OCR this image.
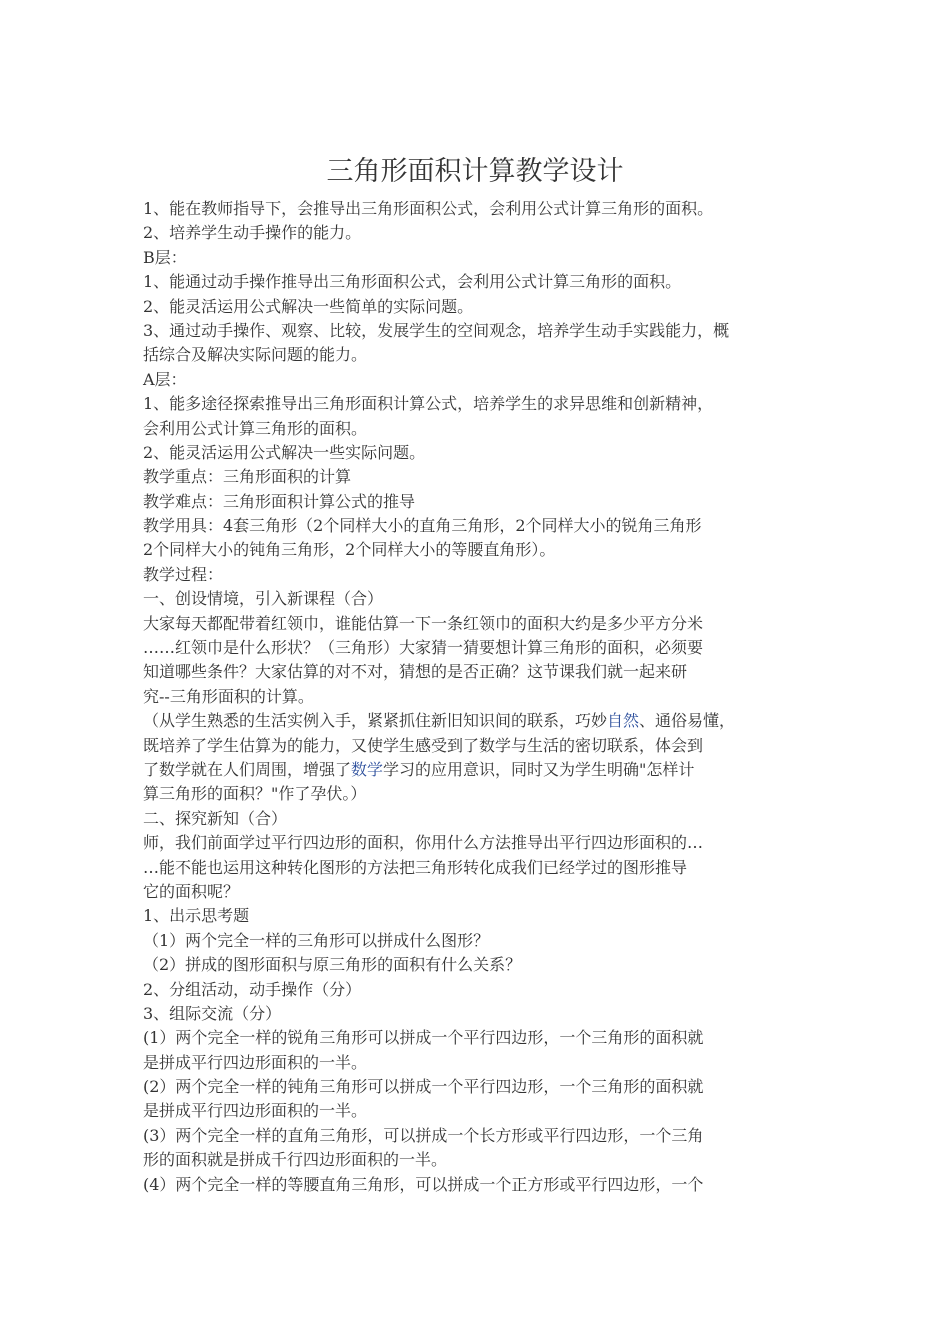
三角形面积计算教学设计
1、能在教师指导下，会推导出三角形面积公式，会利用公式计算三角形的面积。
2、培养学生动手操作的能力。
B层：
1、能通过动手操作推导出三角形面积公式，会利用公式计算三角形的面积。
2、能灵活运用公式解决一些简单的实际问题。
3、通过动手操作、观察、比较，发展学生的空间观念，培养学生动手实践能力，概
括综合及解决实际问题的能力。
A层：
1、能多途径探索推导出三角形面积计算公式，培养学生的求异思维和创新精神，
会利用公式计算三角形的面积。
2、能灵活运用公式解决一些实际问题。
教学重点：三角形面积的计算
教学难点：三角形面积计算公式的推导
教学用具：4套三角形（2个同样大小的直角三角形，2个同样大小的锐角三角形
2个同样大小的钝角三角形，2个同样大小的等腰直角形）。
教学过程：
一、创设情境，引入新课程（合）
大家每天都配带着红领巾，谁能估算一下一条红领巾的面积大约是多少平方分米
……红领巾是什么形状？（三角形）大家猜一猜要想计算三角形的面积，必须要
知道哪些条件？大家估算的对不对，猜想的是否正确？这节课我们就一起来研
究--三角形面积的计算。
（从学生熟悉的生活实例入手，紧紧抓住新旧知识间的联系，巧妙自然、通俗易懂，
既培养了学生估算为的能力，又使学生感受到了数学与生活的密切联系，体会到
了数学就在人们周围，增强了数学学习的应用意识，同时又为学生明确"怎样计
算三角形的面积？"作了孕伏。）
二、探究新知（合）
师，我们前面学过平行四边形的面积，你用什么方法推导出平行四边形面积的…
…能不能也运用这种转化图形的方法把三角形转化成我们已经学过的图形推导
它的面积呢？
1、出示思考题
（1）两个完全一样的三角形可以拼成什么图形？
（2）拼成的图形面积与原三角形的面积有什么关系？
2、分组活动，动手操作（分）
3、组际交流（分）
(1）两个完全一样的锐角三角形可以拼成一个平行四边形，一个三角形的面积就
是拼成平行四边形面积的一半。
(2）两个完全一样的钝角三角形可以拼成一个平行四边形，一个三角形的面积就
是拼成平行四边形面积的一半。
(3）两个完全一样的直角三角形，可以拼成一个长方形或平行四边形，一个三角
形的面积就是拼成千行四边形面积的一半。
(4）两个完全一样的等腰直角三角形，可以拼成一个正方形或平行四边形，一个
